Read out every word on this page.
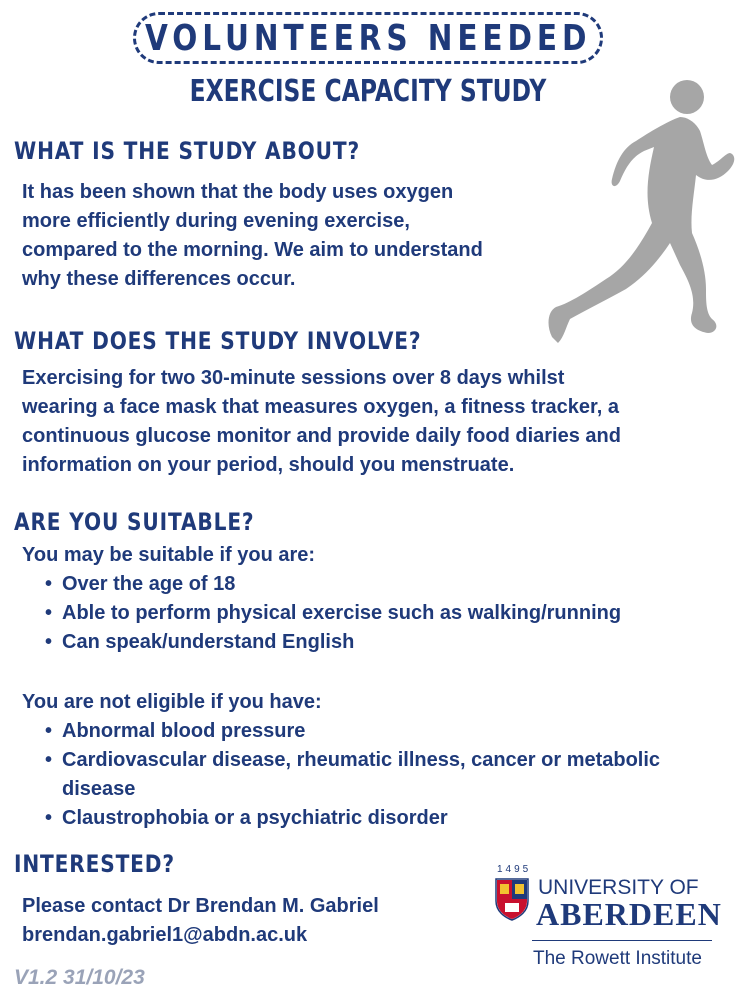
VOLUNTEERS NEEDED
EXERCISE CAPACITY STUDY
WHAT IS THE STUDY ABOUT?
It has been shown that the body uses oxygen
more efficiently during evening exercise,
compared to the morning. We aim to understand
why these differences occur.
WHAT DOES THE STUDY INVOLVE?
Exercising for two 30-minute sessions over 8 days whilst
wearing a face mask that measures oxygen, a fitness tracker, a
continuous glucose monitor and provide daily food diaries and
information on your period, should you menstruate.
ARE YOU SUITABLE?
You may be suitable if you are:
• Over the age of 18
• Able to perform physical exercise such as walking/running
• Can speak/understand English
You are not eligible if you have:
• Abnormal blood pressure
• Cardiovascular disease, rheumatic illness, cancer or metabolic disease
• Claustrophobia or a psychiatric disorder
INTERESTED?
Please contact Dr Brendan M. Gabriel
brendan.gabriel1@abdn.ac.uk
1495
UNIVERSITY OF
ABERDEEN
The Rowett Institute
V1.2 31/10/23
